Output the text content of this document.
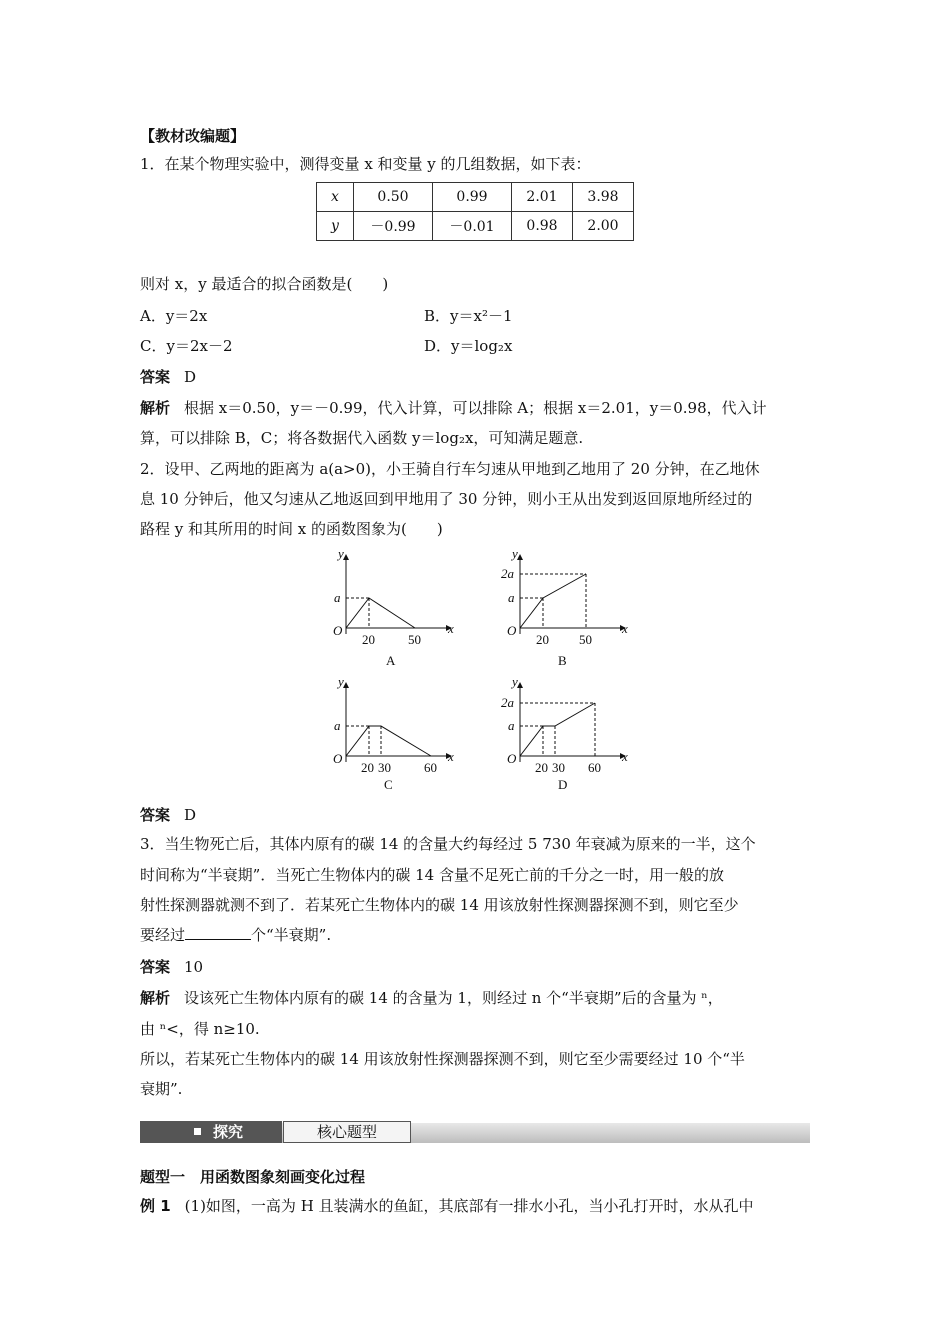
【教材改编题】
1．在某个物理实验中，测得变量 x 和变量 y 的几组数据，如下表：
x	0.50	0.99	2.01	3.98
y	－0.99	－0.01	0.98	2.00
则对 x，y 最适合的拟合函数是(　　)
A．y＝2x	B．y＝x²－1
C．y＝2x－2	D．y＝log₂x
答案 D
解析 根据 x＝0.50，y＝－0.99，代入计算，可以排除 A；根据 x＝2.01，y＝0.98，代入计
算，可以排除 B，C；将各数据代入函数 y＝log₂x，可知满足题意.
2．设甲、乙两地的距离为 a(a>0)，小王骑自行车匀速从甲地到乙地用了 20 分钟，在乙地休
息 10 分钟后，他又匀速从乙地返回到甲地用了 30 分钟，则小王从出发到返回原地所经过的
路程 y 和其所用的时间 x 的函数图象为(　　)
y
x
O
a
20	50
A
y
x
O
a
2a
20 50
B
y
x
O
a
20 30	60
C
y
x
O
a
2a
20 30 60
D
答案 D
3．当生物死亡后，其体内原有的碳 14 的含量大约每经过 5 730 年衰减为原来的一半，这个
时间称为“半衰期”．当死亡生物体内的碳 14 含量不足死亡前的千分之一时，用一般的放
射性探测器就测不到了．若某死亡生物体内的碳 14 用该放射性探测器探测不到，则它至少
要经过	个“半衰期”.
答案 10
解析 设该死亡生物体内原有的碳 14 的含量为 1，则经过 n 个“半衰期”后的含量为 ⁿ，
由 ⁿ<，得 n≥10.
所以，若某死亡生物体内的碳 14 用该放射性探测器探测不到，则它至少需要经过 10 个“半
衰期”.
探究	核心题型
题型一　用函数图象刻画变化过程
例 1 (1)如图，一高为 H 且装满水的鱼缸，其底部有一排水小孔，当小孔打开时，水从孔中
